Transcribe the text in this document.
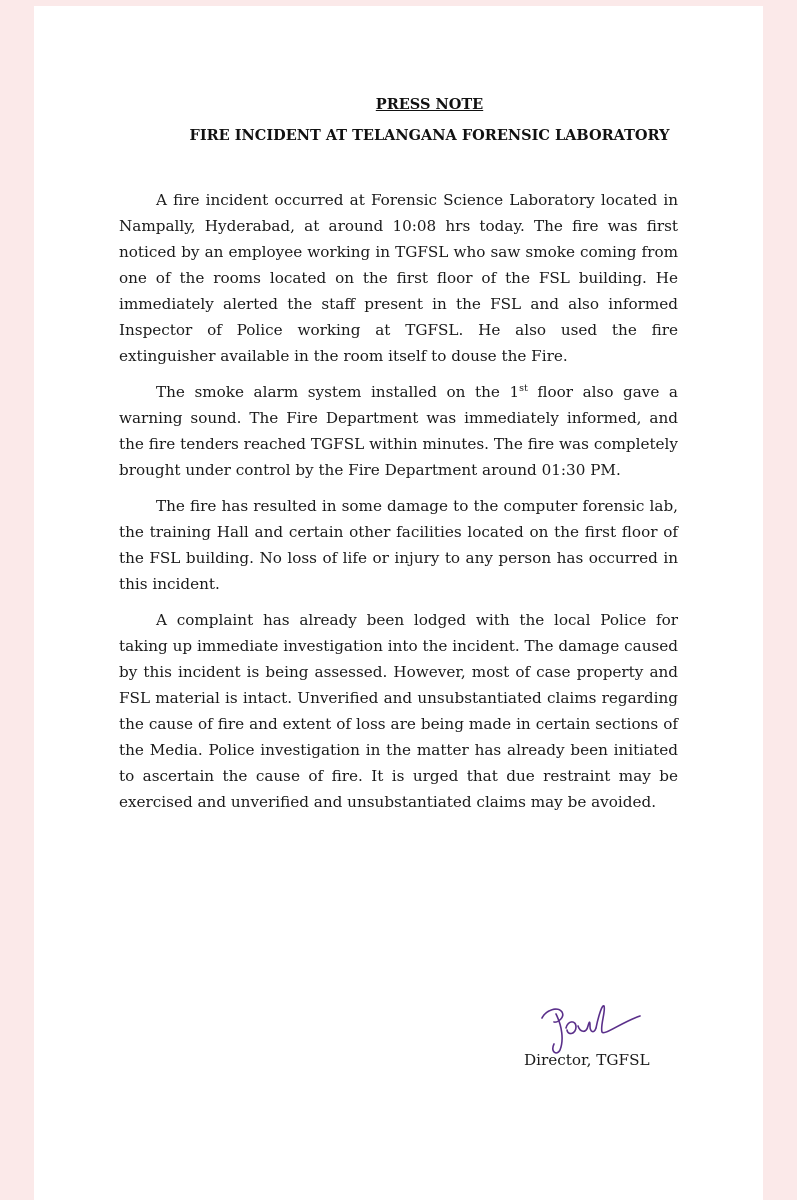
PRESS NOTE
FIRE INCIDENT AT TELANGANA FORENSIC LABORATORY

A fire incident occurred at Forensic Science Laboratory located in Nampally, Hyderabad, at around 10:08 hrs today. The fire was first noticed by an employee working in TGFSL who saw smoke coming from one of the rooms located on the first floor of the FSL building. He immediately alerted the staff present in the FSL and also informed Inspector of Police working at TGFSL. He also used the fire extinguisher available in the room itself to douse the Fire.

The smoke alarm system installed on the 1st floor also gave a warning sound. The Fire Department was immediately informed, and the fire tenders reached TGFSL within minutes. The fire was completely brought under control by the Fire Department around 01:30 PM.

The fire has resulted in some damage to the computer forensic lab, the training Hall and certain other facilities located on the first floor of the FSL building. No loss of life or injury to any person has occurred in this incident.

A complaint has already been lodged with the local Police for taking up immediate investigation into the incident. The damage caused by this incident is being assessed. However, most of case property and FSL material is intact. Unverified and unsubstantiated claims regarding the cause of fire and extent of loss are being made in certain sections of the Media. Police investigation in the matter has already been initiated to ascertain the cause of fire. It is urged that due restraint may be exercised and unverified and unsubstantiated claims may be avoided.

Director, TGFSL
